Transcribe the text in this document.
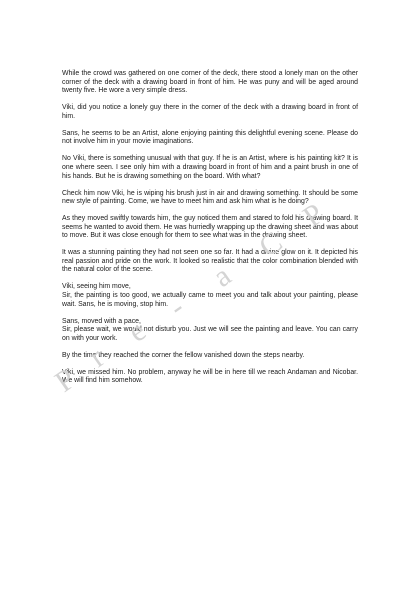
While the crowd was gathered on one corner of the deck, there stood a lonely man on the other corner of the deck with a drawing board in front of him. He was puny and will be aged around twenty five. He wore a very simple dress.

Viki, did you notice a lonely guy there in the corner of the deck with a drawing board in front of him.

Sans, he seems to be an Artist, alone enjoying painting this delightful evening scene. Please do not involve him in your movie imaginations.

No Viki, there is something unusual with that guy. If he is an Artist, where is his painting kit? It is one where seen. I see only him with a drawing board in front of him and a paint brush in one of his hands. But he is drawing something on the board. With what?

Check him now Viki, he is wiping his brush just in air and drawing something. It should be some new style of painting. Come, we have to meet him and ask him what is he doing?

As they moved swiftly towards him, the guy noticed them and stared to fold his drawing board. It seems he wanted to avoid them. He was hurriedly wrapping up the drawing sheet and was about to move. But it was close enough for them to see what was in the drawing sheet.

It was a stunning painting they had not seen one so far. It had a divine glow on it. It depicted his real passion and pride on the work. It looked so realistic that the color combination blended with the natural color of the scene.

Viki, seeing him move,
Sir, the painting is too good, we actually came to meet you and talk about your painting, please wait. Sans, he is moving, stop him.

Sans, moved with a pace,
Sir, please wait, we would not disturb you. Just we will see the painting and leave. You can carry on with your work.

By the time they reached the corner the fellow vanished down the steps nearby.

Viki, we missed him. No problem, anyway he will be in here till we reach Andaman and Nicobar. We will find him somehow.

P
r
e
-
a
C
P
